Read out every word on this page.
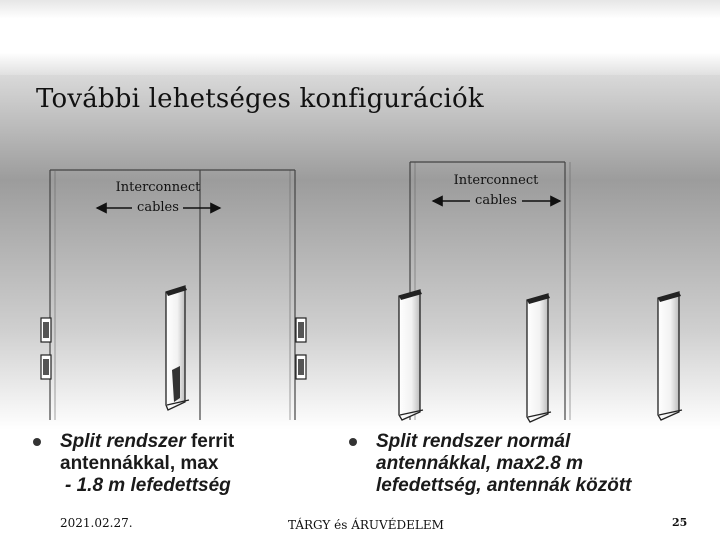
További lehetséges konfigurációk
Interconnect
cables
Interconnect
cables
Split rendszer ferrit
antennákkal, max
- 1.8 m lefedettség
Split rendszer normál
antennákkal, max2.8 m
lefedettség, antennák között
2021.02.27.	TÁRGY és ÁRUVÉDELEM	25
